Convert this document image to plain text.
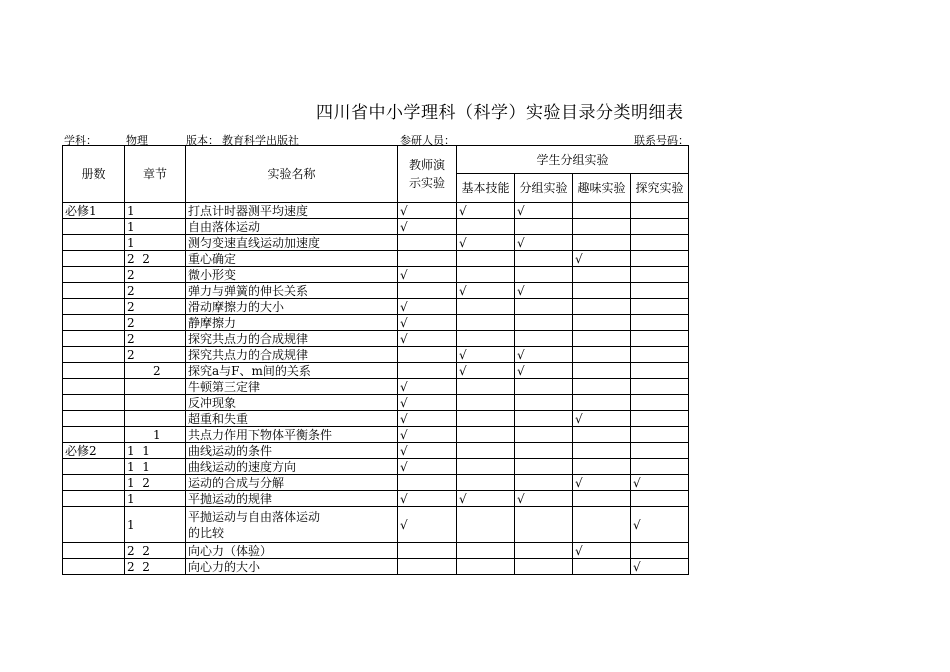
四川省中小学理科（科学）实验目录分类明细表
学科：	物理	版本： 教育科学出版社	参研人员：	联系号码：
册数	章节	实验名称	教师演
示实验	学生分组实验			
				基本技能	分组实验	趣味实验	探究实验
必修1	1	打点计时器测平均速度	√	√	√		
	1	自由落体运动	√				
	1	测匀变速直线运动加速度		√	√		
	2  2	重心确定				√	
	2	微小形变	√				
	2	弹力与弹簧的伸长关系		√	√		
	2	滑动摩擦力的大小	√				
	2	静摩擦力	√				
	2	探究共点力的合成规律	√				
	2	探究共点力的合成规律		√	√		
	2	探究a与F、m间的关系		√	√		
		牛顿第三定律	√				
		反冲现象	√				
		超重和失重	√			√	
	1	共点力作用下物体平衡条件	√				
必修2	1  1	曲线运动的条件	√				
	1  1	曲线运动的速度方向	√				
	1  2	运动的合成与分解				√	√
	1	平抛运动的规律	√	√	√		
	1	平抛运动与自由落体运动
的比较	√				√
	2  2	向心力（体验）				√	
	2  2	向心力的大小					√
